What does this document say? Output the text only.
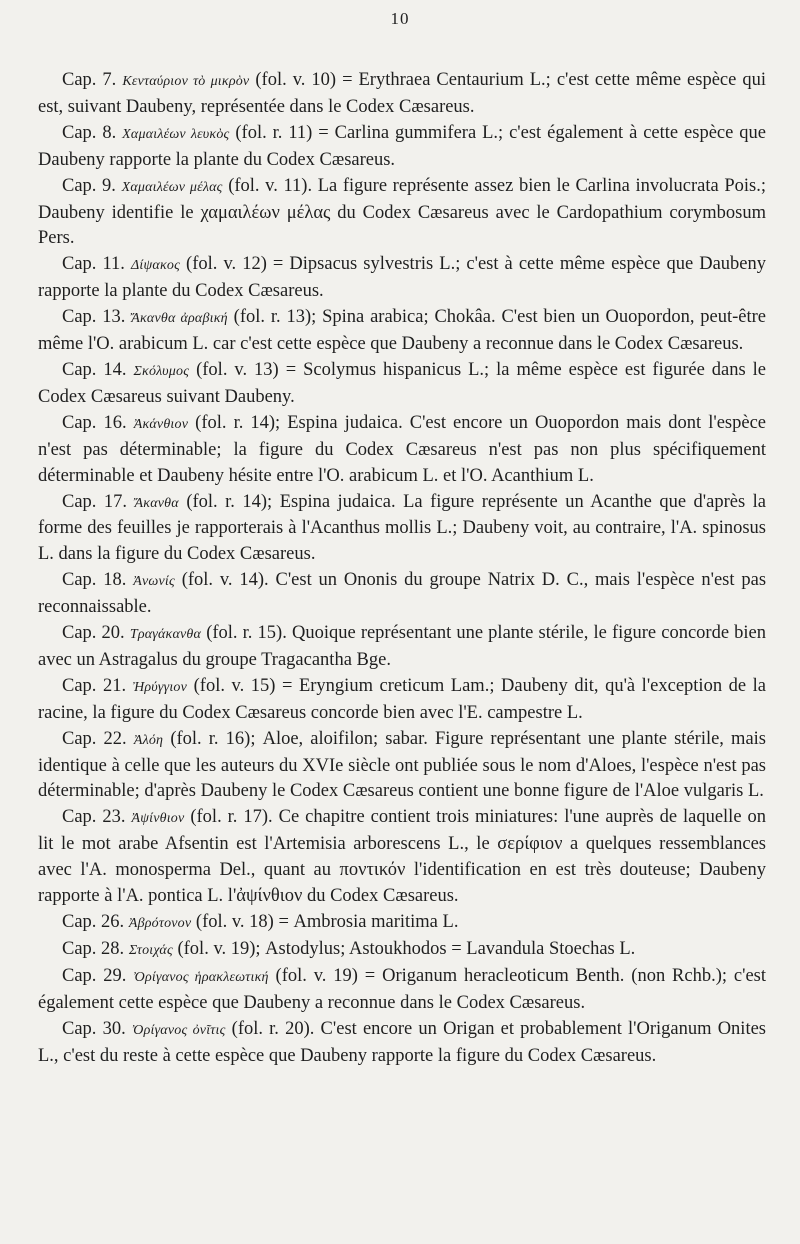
10

Cap. 7. Κενταύριον τὸ μικρὸν (fol. v. 10) = Erythraea Centaurium L.; c'est cette même espèce qui est, suivant Daubeny, représentée dans le Codex Cæsareus.

Cap. 8. Χαμαιλέων λευκὸς (fol. r. 11) = Carlina gummifera L.; c'est également à cette espèce que Daubeny rapporte la plante du Codex Cæsareus.

Cap. 9. Χαμαιλέων μέλας (fol. v. 11). La figure représente assez bien le Carlina involucrata Pois.; Daubeny identifie le χαμαιλέων μέλας du Codex Cæsareus avec le Cardopathium corymbosum Pers.

Cap. 11. Δίψακος (fol. v. 12) = Dipsacus sylvestris L.; c'est à cette même espèce que Daubeny rapporte la plante du Codex Cæsareus.

Cap. 13. Ἄκανθα ἀραβική (fol. r. 13); Spina arabica; Chokâa. C'est bien un Ouopordon, peut-être même l'O. arabicum L. car c'est cette espèce que Daubeny a reconnue dans le Codex Cæsareus.

Cap. 14. Σκόλυμος (fol. v. 13) = Scolymus hispanicus L.; la même espèce est figurée dans le Codex Cæsareus suivant Daubeny.

Cap. 16. Ἀκάνθιον (fol. r. 14); Espina judaica. C'est encore un Ouopordon mais dont l'espèce n'est pas déterminable; la figure du Codex Cæsareus n'est pas non plus spécifiquement déterminable et Daubeny hésite entre l'O. arabicum L. et l'O. Acanthium L.

Cap. 17. Ἄκανθα (fol. r. 14); Espina judaica. La figure représente un Acanthe que d'après la forme des feuilles je rapporterais à l'Acanthus mollis L.; Daubeny voit, au contraire, l'A. spinosus L. dans la figure du Codex Cæsareus.

Cap. 18. Ἀνωνίς (fol. v. 14). C'est un Ononis du groupe Natrix D. C., mais l'espèce n'est pas reconnaissable.

Cap. 20. Τραγάκανθα (fol. r. 15). Quoique représentant une plante stérile, le figure concorde bien avec un Astragalus du groupe Tragacantha Bge.

Cap. 21. Ἠρύγγιον (fol. v. 15) = Eryngium creticum Lam.; Daubeny dit, qu'à l'exception de la racine, la figure du Codex Cæsareus concorde bien avec l'E. campestre L.

Cap. 22. Ἀλόη (fol. r. 16); Aloe, aloifilon; sabar. Figure représentant une plante stérile, mais identique à celle que les auteurs du XVIe siècle ont publiée sous le nom d'Aloes, l'espèce n'est pas déterminable; d'après Daubeny le Codex Cæsareus contient une bonne figure de l'Aloe vulgaris L.

Cap. 23. Ἀψίνθιον (fol. r. 17). Ce chapitre contient trois miniatures: l'une auprès de laquelle on lit le mot arabe Afsentin est l'Artemisia arborescens L., le σερίφιον a quelques ressemblances avec l'A. monosperma Del., quant au ποντικόν l'identification en est très douteuse; Daubeny rapporte à l'A. pontica L. l'ἀψίνθιον du Codex Cæsareus.

Cap. 26. Ἀβρότονον (fol. v. 18) = Ambrosia maritima L.

Cap. 28. Στοιχάς (fol. v. 19); Astodylus; Astoukhodos = Lavandula Stoechas L.

Cap. 29. Ὀρίγανος ἡρακλεωτική (fol. v. 19) = Origanum heracleoticum Benth. (non Rchb.); c'est également cette espèce que Daubeny a reconnue dans le Codex Cæsareus.

Cap. 30. Ὀρίγανος ὀνῖτις (fol. r. 20). C'est encore un Origan et probablement l'Origanum Onites L., c'est du reste à cette espèce que Daubeny rapporte la figure du Codex Cæsareus.
